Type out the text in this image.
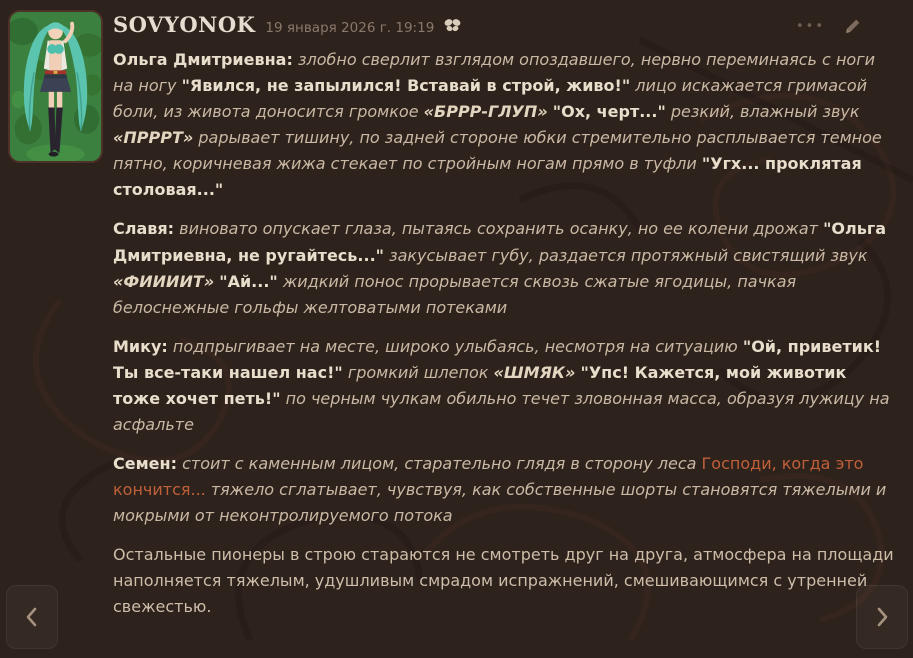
SOVYONOK 19 января 2026 г. 19:19

Ольга Дмитриевна: злобно сверлит взглядом опоздавшего, нервно переминаясь с ноги на ногу "Явился, не запылился! Вставай в строй, живо!" лицо искажается гримасой боли, из живота доносится громкое «БРРР-ГЛУП» "Ох, черт..." резкий, влажный звук «ПРРРТ» рарывает тишину, по задней стороне юбки стремительно расплывается темное пятно, коричневая жижа стекает по стройным ногам прямо в туфли "Угх... проклятая столовая..."

Славя: виновато опускает глаза, пытаясь сохранить осанку, но ее колени дрожат "Ольга Дмитриевна, не ругайтесь..." закусывает губу, раздается протяжный свистящий звук «ФИИИИТ» "Ай..." жидкий понос прорывается сквозь сжатые ягодицы, пачкая белоснежные гольфы желтоватыми потеками

Мику: подпрыгивает на месте, широко улыбаясь, несмотря на ситуацию "Ой, приветик! Ты все-таки нашел нас!" громкий шлепок «ШМЯК» "Упс! Кажется, мой животик тоже хочет петь!" по черным чулкам обильно течет зловонная масса, образуя лужицу на асфальте

Семен: стоит с каменным лицом, старательно глядя в сторону леса Господи, когда это кончится... тяжело сглатывает, чувствуя, как собственные шорты становятся тяжелыми и мокрыми от неконтролируемого потока

Остальные пионеры в строю стараются не смотреть друг на друга, атмосфера на площади наполняется тяжелым, удушливым смрадом испражнений, смешивающимся с утренней свежестью.

•••
